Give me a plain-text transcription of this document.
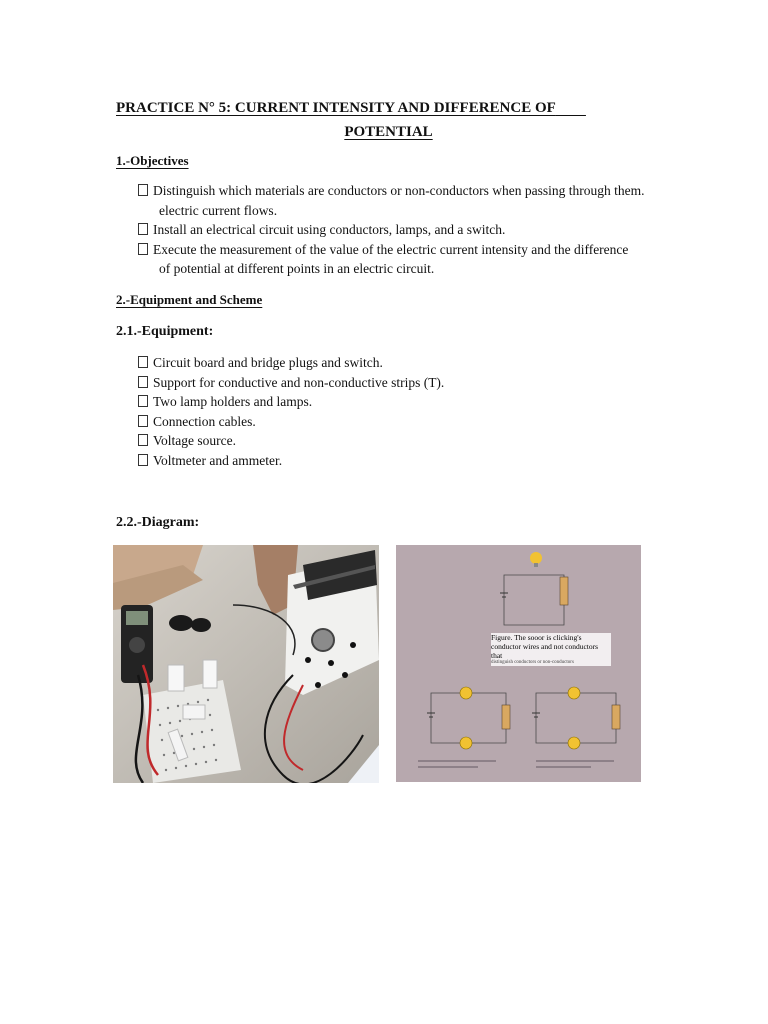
PRACTICE N° 5: CURRENT INTENSITY AND DIFFERENCE OF
POTENTIAL
1.-Objectives
Distinguish which materials are conductors or non-conductors when passing through them.
electric current flows.
Install an electrical circuit using conductors, lamps, and a switch.
Execute the measurement of the value of the electric current intensity and the difference
of potential at different points in an electric circuit.
2.-Equipment and Scheme
2.1.-Equipment:
Circuit board and bridge plugs and switch.
Support for conductive and non-conductive strips (T).
Two lamp holders and lamps.
Connection cables.
Voltage source.
Voltmeter and ammeter.
2.2.-Diagram:
Figure. The sooor is clicking's conductor wires and not conductors that
distinguish conductors or non-conductors
